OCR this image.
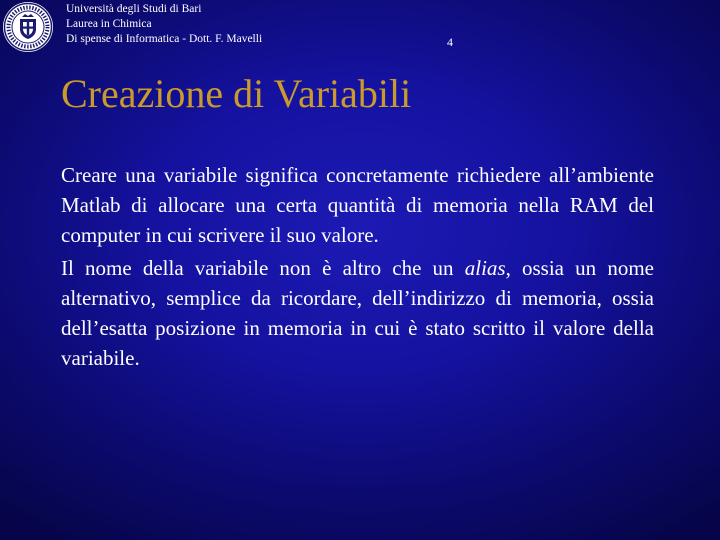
Università degli Studi di Bari
Laurea in Chimica
Di spense di Informatica - Dott. F. Mavelli	4
Creazione di Variabili

Creare una variabile significa concretamente richiedere all’ambiente Matlab di allocare una certa quantità di memoria nella RAM del computer in cui scrivere il suo valore.

Il nome della variabile non è altro che un alias, ossia un nome alternativo, semplice da ricordare, dell’indirizzo di memoria, ossia dell’esatta posizione in memoria in cui è stato scritto il valore della variabile.
